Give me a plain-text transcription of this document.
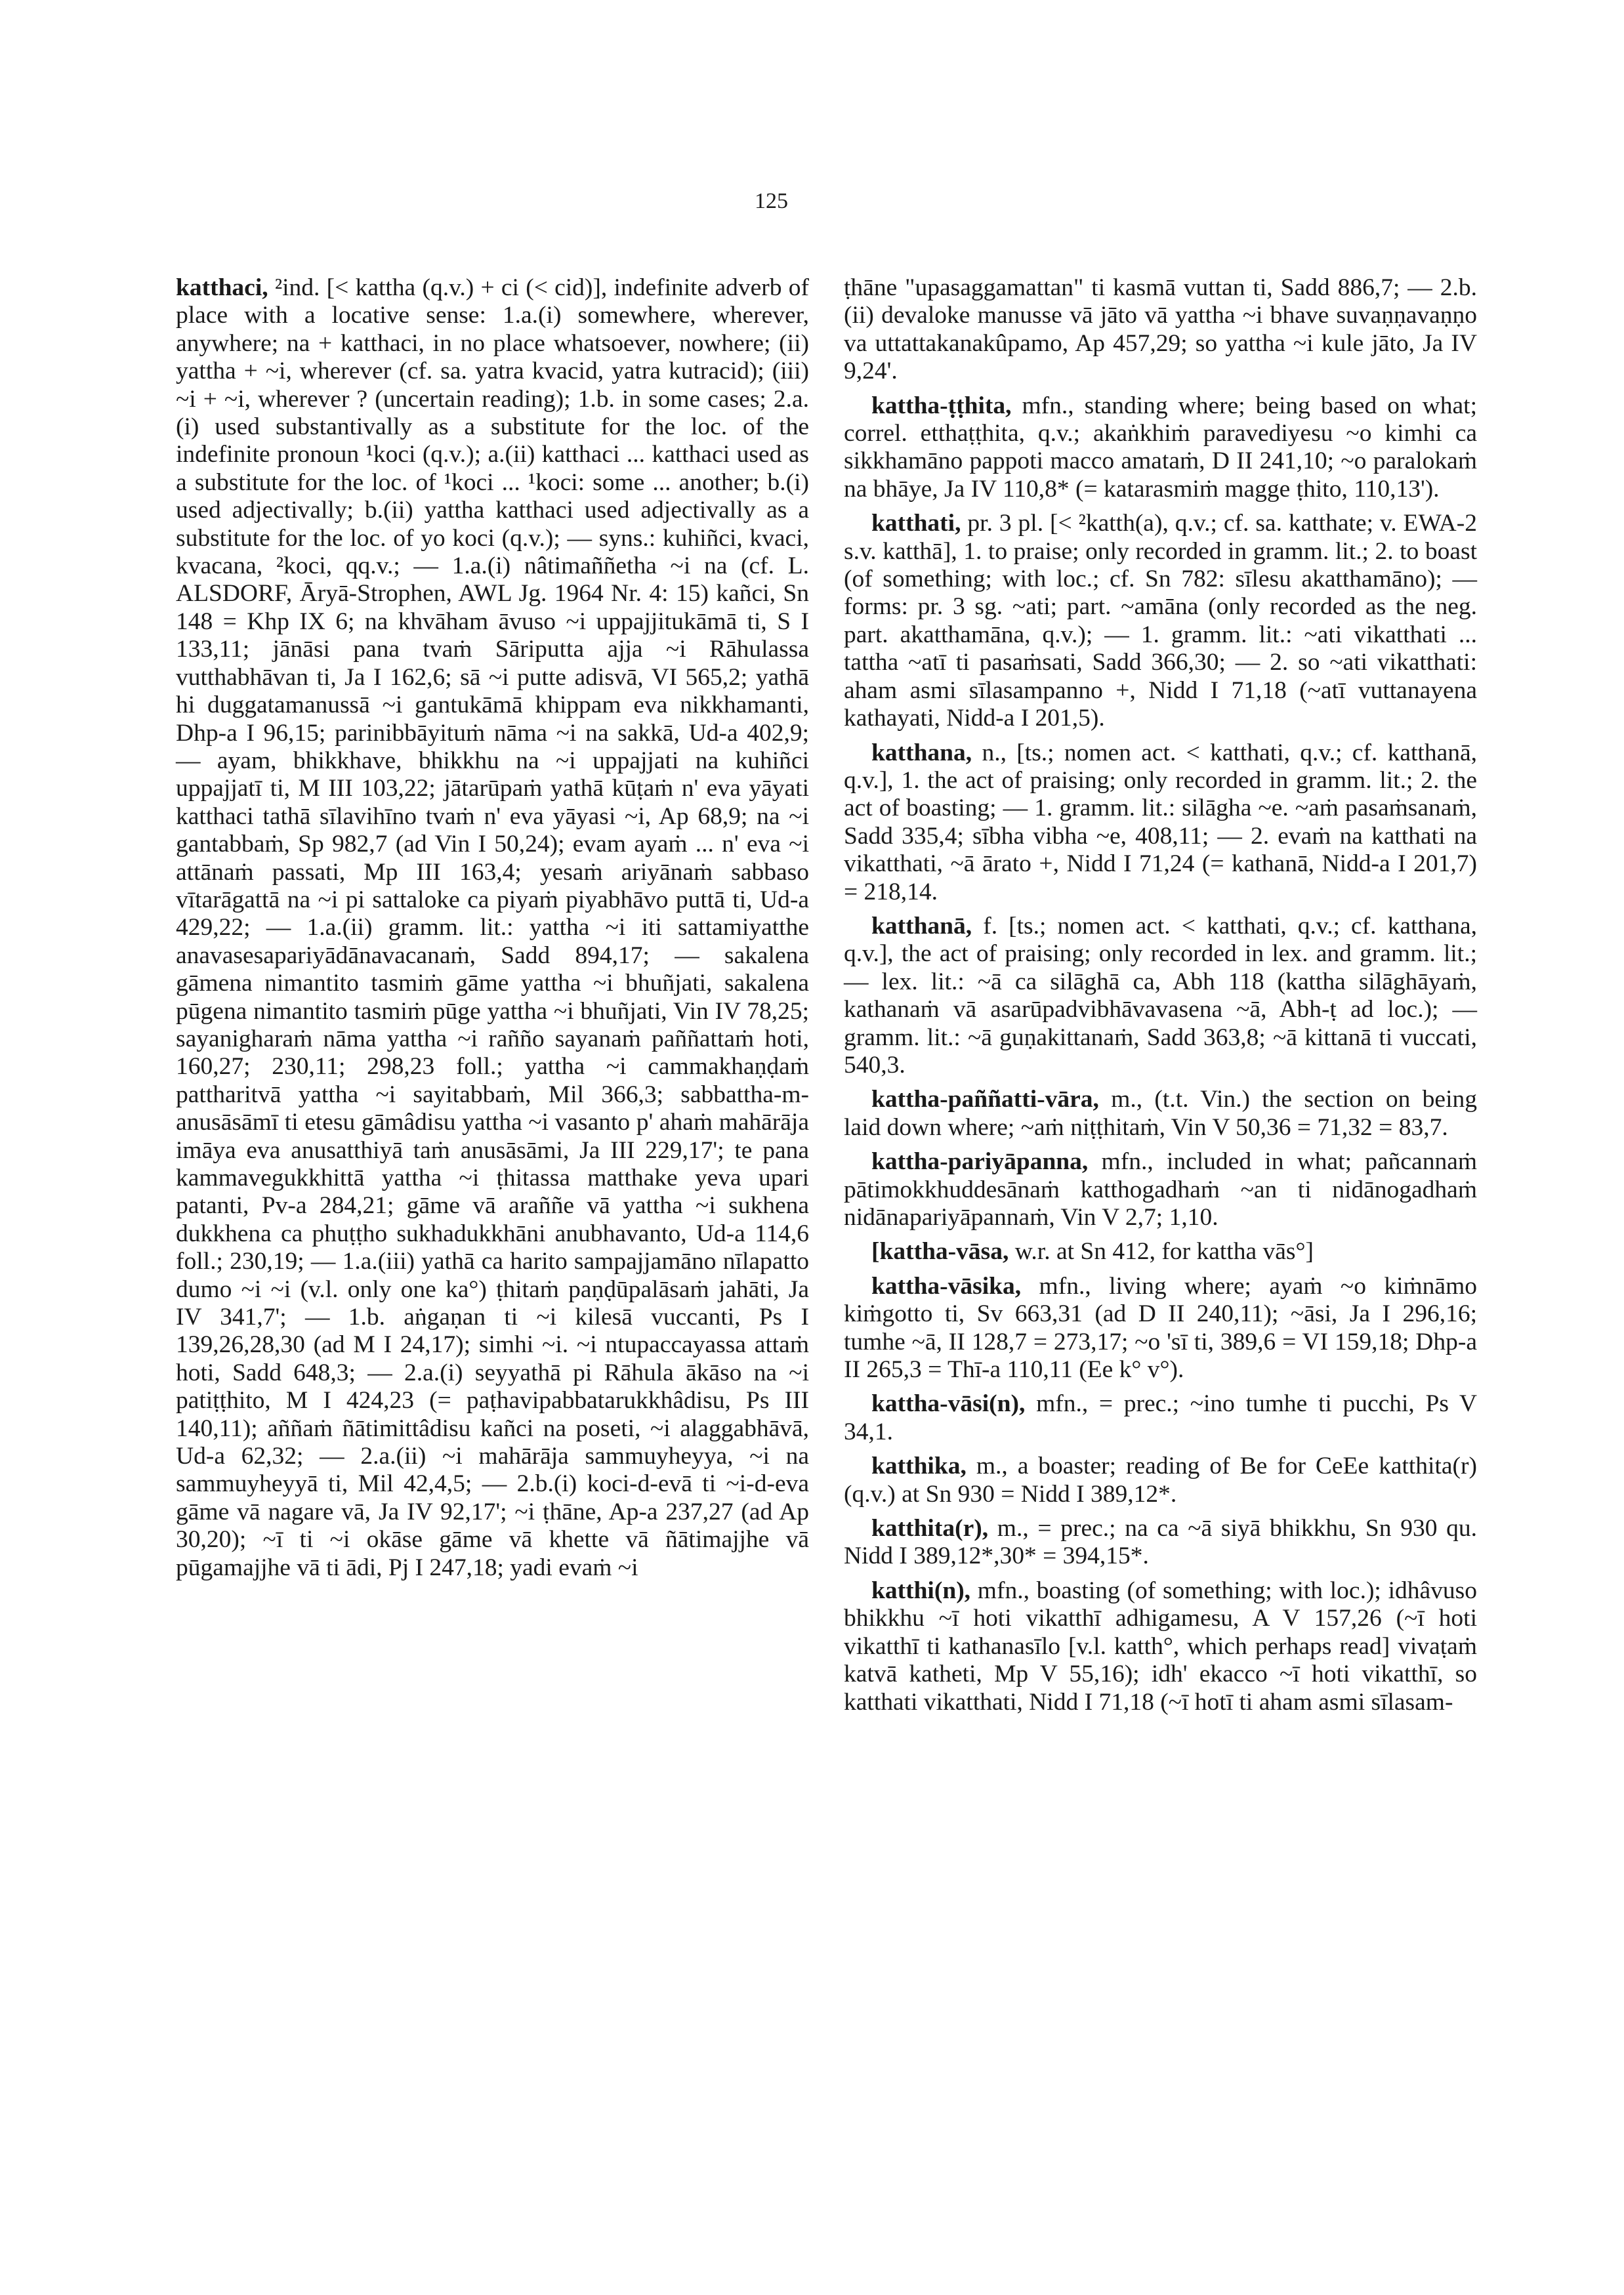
125

katthaci, ²ind. [< kattha (q.v.) + ci (< cid)], indefinite adverb of place with a locative sense: 1.a.(i) somewhere, wherever, anywhere; na + katthaci, in no place whatsoever, nowhere; (ii) yattha + ~i, wherever (cf. sa. yatra kvacid, yatra kutracid); (iii) ~i + ~i, wherever ? (uncertain reading); 1.b. in some cases; 2.a.(i) used substantivally as a substitute for the loc. of the indefinite pronoun ¹koci (q.v.); a.(ii) katthaci ... katthaci used as a substitute for the loc. of ¹koci ... ¹koci: some ... another; b.(i) used adjectivally; b.(ii) yattha katthaci used adjectivally as a substitute for the loc. of yo koci (q.v.); — syns.: kuhiñci, kvaci, kvacana, ²koci, qq.v.; — 1.a.(i) nâtimaññetha ~i na (cf. L. ALSDORF, Āryā-Strophen, AWL Jg. 1964 Nr. 4: 15) kañci, Sn 148 = Khp IX 6; na khvāham āvuso ~i uppajjitukāmā ti, S I 133,11; jānāsi pana tvaṁ Sāriputta ajja ~i Rāhulassa vutthabhāvan ti, Ja I 162,6; sā ~i putte adisvā, VI 565,2; yathā hi duggatamanussā ~i gantukāmā khippam eva nikkhamanti, Dhp-a I 96,15; parinibbāyituṁ nāma ~i na sakkā, Ud-a 402,9; — ayam, bhikkhave, bhikkhu na ~i uppajjati na kuhiñci uppajjatī ti, M III 103,22; jātarūpaṁ yathā kūṭaṁ n' eva yāyati katthaci tathā sīlavihīno tvaṁ n' eva yāyasi ~i, Ap 68,9; na ~i gantabbaṁ, Sp 982,7 (ad Vin I 50,24); evam ayaṁ ... n' eva ~i attānaṁ passati, Mp III 163,4; yesaṁ ariyānaṁ sabbaso vītarāgattā na ~i pi sattaloke ca piyaṁ piyabhāvo puttā ti, Ud-a 429,22; — 1.a.(ii) gramm. lit.: yattha ~i iti sattamiyatthe anavasesapariyādānavacanaṁ, Sadd 894,17; — sakalena gāmena nimantito tasmiṁ gāme yattha ~i bhuñjati, sakalena pūgena nimantito tasmiṁ pūge yattha ~i bhuñjati, Vin IV 78,25; sayanigharaṁ nāma yattha ~i rañño sayanaṁ paññattaṁ hoti, 160,27; 230,11; 298,23 foll.; yattha ~i cammakhaṇḍaṁ pattharitvā yattha ~i sayitabbaṁ, Mil 366,3; sabbattha-m-anusāsāmī ti etesu gāmâdisu yattha ~i vasanto p' ahaṁ mahārāja imāya eva anusatthiyā taṁ anusāsāmi, Ja III 229,17'; te pana kammavegukkhittā yattha ~i ṭhitassa matthake yeva upari patanti, Pv-a 284,21; gāme vā araññe vā yattha ~i sukhena dukkhena ca phuṭṭho sukhadukkhāni anubhavanto, Ud-a 114,6 foll.; 230,19; — 1.a.(iii) yathā ca harito sampajjamāno nīlapatto dumo ~i ~i (v.l. only one ka°) ṭhitaṁ paṇḍūpalāsaṁ jahāti, Ja IV 341,7'; — 1.b. aṅgaṇan ti ~i kilesā vuccanti, Ps I 139,26,28,30 (ad M I 24,17); simhi ~i. ~i ntupaccayassa attaṁ hoti, Sadd 648,3; — 2.a.(i) seyyathā pi Rāhula ākāso na ~i patiṭṭhito, M I 424,23 (= paṭhavipabbatarukkhâdisu, Ps III 140,11); aññaṁ ñātimittâdisu kañci na poseti, ~i alaggabhāvā, Ud-a 62,32; — 2.a.(ii) ~i mahārāja sammuyheyya, ~i na sammuyheyyā ti, Mil 42,4,5; — 2.b.(i) koci-d-evā ti ~i-d-eva gāme vā nagare vā, Ja IV 92,17'; ~i ṭhāne, Ap-a 237,27 (ad Ap 30,20); ~ī ti ~i okāse gāme vā khette vā ñātimajjhe vā pūgamajjhe vā ti ādi, Pj I 247,18; yadi evaṁ ~i

ṭhāne "upasaggamattan" ti kasmā vuttan ti, Sadd 886,7; — 2.b.(ii) devaloke manusse vā jāto vā yattha ~i bhave suvaṇṇavaṇṇo va uttattakanakûpamo, Ap 457,29; so yattha ~i kule jāto, Ja IV 9,24'.

kattha-ṭṭhita, mfn., standing where; being based on what; correl. etthaṭṭhita, q.v.; akaṅkhiṁ paravediyesu ~o kimhi ca sikkhamāno pappoti macco amataṁ, D II 241,10; ~o paralokaṁ na bhāye, Ja IV 110,8* (= katarasmiṁ magge ṭhito, 110,13').

katthati, pr. 3 pl. [< ²katth(a), q.v.; cf. sa. katthate; v. EWA-2 s.v. katthā], 1. to praise; only recorded in gramm. lit.; 2. to boast (of something; with loc.; cf. Sn 782: sīlesu akatthamāno); — forms: pr. 3 sg. ~ati; part. ~amāna (only recorded as the neg. part. akatthamāna, q.v.); — 1. gramm. lit.: ~ati vikatthati ... tattha ~atī ti pasaṁsati, Sadd 366,30; — 2. so ~ati vikatthati: aham asmi sīlasampanno +, Nidd I 71,18 (~atī vuttanayena kathayati, Nidd-a I 201,5).

katthana, n., [ts.; nomen act. < katthati, q.v.; cf. katthanā, q.v.], 1. the act of praising; only recorded in gramm. lit.; 2. the act of boasting; — 1. gramm. lit.: silāgha ~e. ~aṁ pasaṁsanaṁ, Sadd 335,4; sībha vibha ~e, 408,11; — 2. evaṁ na katthati na vikatthati, ~ā ārato +, Nidd I 71,24 (= kathanā, Nidd-a I 201,7) = 218,14.

katthanā, f. [ts.; nomen act. < katthati, q.v.; cf. katthana, q.v.], the act of praising; only recorded in lex. and gramm. lit.; — lex. lit.: ~ā ca silāghā ca, Abh 118 (kattha silāghāyaṁ, kathanaṁ vā asarūpadvibhāvavasena ~ā, Abh-ṭ ad loc.); — gramm. lit.: ~ā guṇakittanaṁ, Sadd 363,8; ~ā kittanā ti vuccati, 540,3.

kattha-paññatti-vāra, m., (t.t. Vin.) the section on being laid down where; ~aṁ niṭṭhitaṁ, Vin V 50,36 = 71,32 = 83,7.

kattha-pariyāpanna, mfn., included in what; pañcannaṁ pātimokkhuddesānaṁ katthogadhaṁ ~an ti nidānogadhaṁ nidānapariyāpannaṁ, Vin V 2,7; 1,10.

[kattha-vāsa, w.r. at Sn 412, for kattha vās°]

kattha-vāsika, mfn., living where; ayaṁ ~o kiṁnāmo kiṁgotto ti, Sv 663,31 (ad D II 240,11); ~āsi, Ja I 296,16; tumhe ~ā, II 128,7 = 273,17; ~o 'sī ti, 389,6 = VI 159,18; Dhp-a II 265,3 = Thī-a 110,11 (Ee k° v°).

kattha-vāsi(n), mfn., = prec.; ~ino tumhe ti pucchi, Ps V 34,1.

katthika, m., a boaster; reading of Be for CeEe katthita(r) (q.v.) at Sn 930 = Nidd I 389,12*.

katthita(r), m., = prec.; na ca ~ā siyā bhikkhu, Sn 930 qu. Nidd I 389,12*,30* = 394,15*.

katthi(n), mfn., boasting (of something; with loc.); idhâvuso bhikkhu ~ī hoti vikatthī adhigamesu, A V 157,26 (~ī hoti vikatthī ti kathanasīlo [v.l. katth°, which perhaps read] vivaṭaṁ katvā katheti, Mp V 55,16); idh' ekacco ~ī hoti vikatthī, so katthati vikatthati, Nidd I 71,18 (~ī hotī ti aham asmi sīlasam-
